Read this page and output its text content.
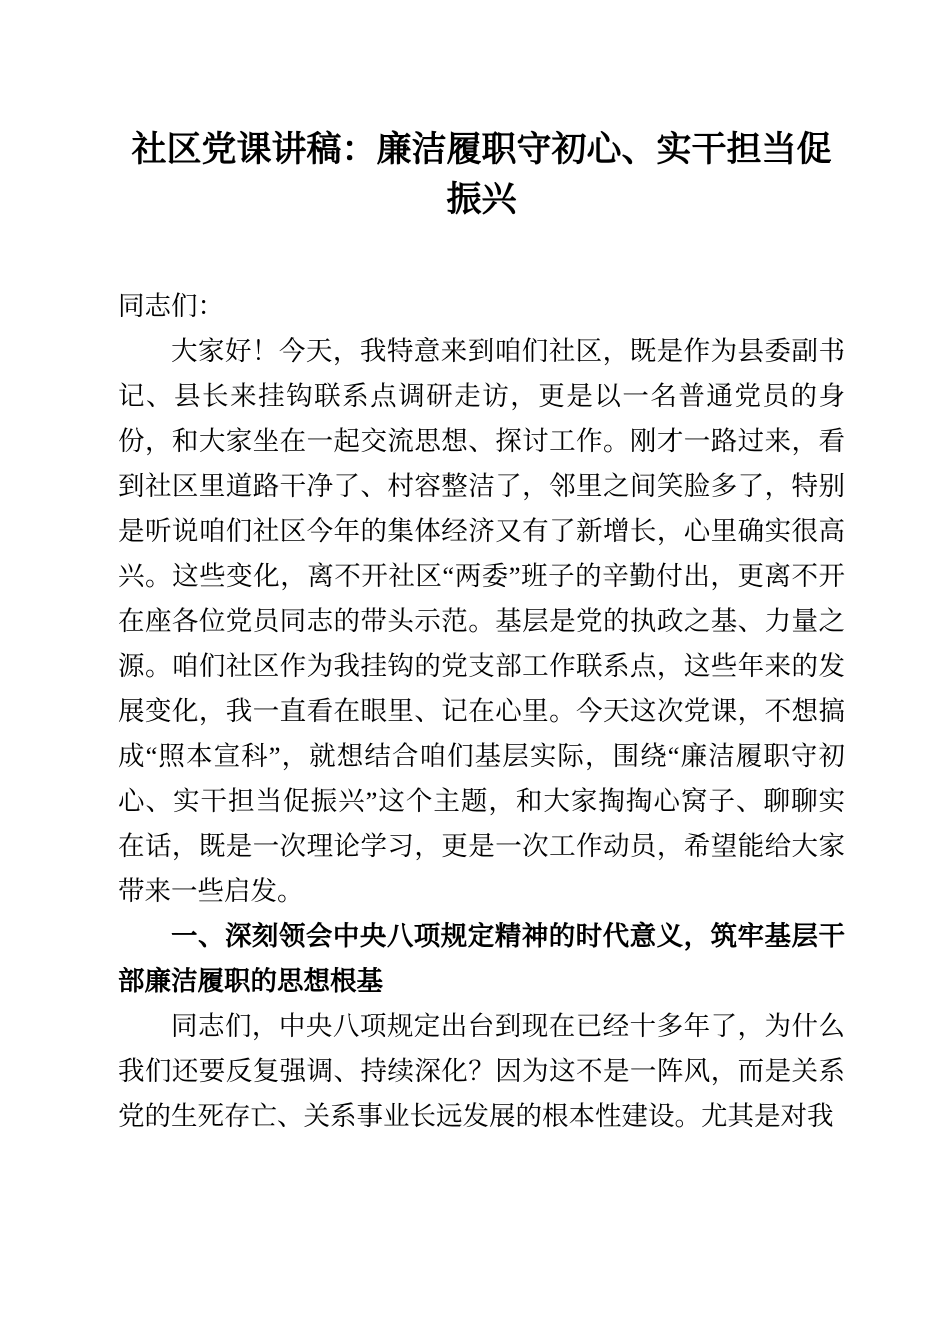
社区党课讲稿：廉洁履职守初心、实干担当促振兴

同志们：

大家好！今天，我特意来到咱们社区，既是作为县委副书记、县长来挂钩联系点调研走访，更是以一名普通党员的身份，和大家坐在一起交流思想、探讨工作。刚才一路过来，看到社区里道路干净了、村容整洁了，邻里之间笑脸多了，特别是听说咱们社区今年的集体经济又有了新增长，心里确实很高兴。这些变化，离不开社区“两委”班子的辛勤付出，更离不开在座各位党员同志的带头示范。基层是党的执政之基、力量之源。咱们社区作为我挂钩的党支部工作联系点，这些年来的发展变化，我一直看在眼里、记在心里。今天这次党课，不想搞成“照本宣科”，就想结合咱们基层实际，围绕“廉洁履职守初心、实干担当促振兴”这个主题，和大家掏掏心窝子、聊聊实在话，既是一次理论学习，更是一次工作动员，希望能给大家带来一些启发。

一、深刻领会中央八项规定精神的时代意义，筑牢基层干部廉洁履职的思想根基

同志们，中央八项规定出台到现在已经十多年了，为什么我们还要反复强调、持续深化？因为这不是一阵风，而是关系党的生死存亡、关系事业长远发展的根本性建设。尤其是对我
